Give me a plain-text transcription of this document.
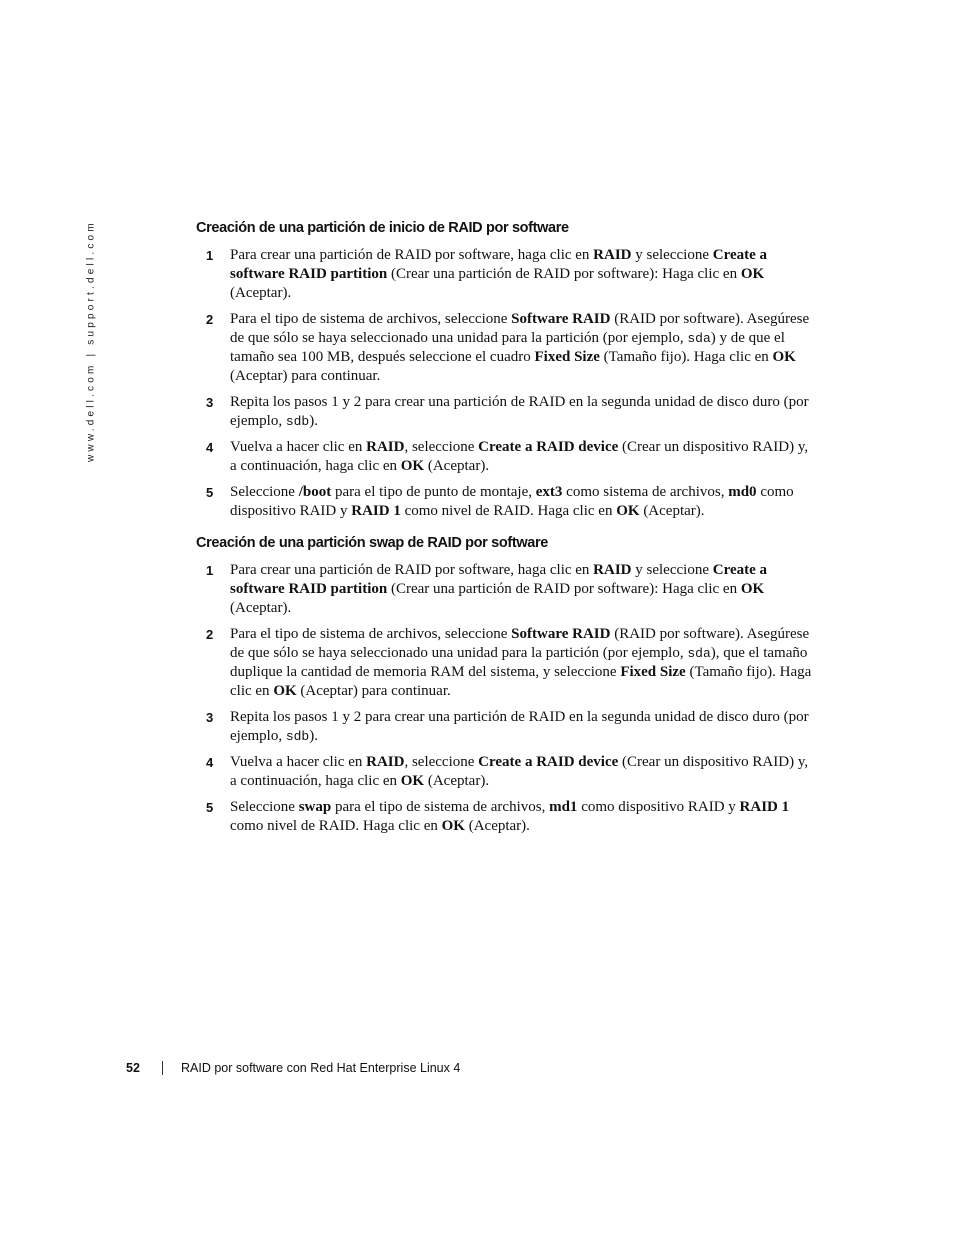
www.dell.com | support.dell.com	Creación de una partición de inicio de RAID por software
1 Para crear una partición de RAID por software, haga clic en RAID y seleccione Create a software RAID partition (Crear una partición de RAID por software): Haga clic en OK (Aceptar).
2 Para el tipo de sistema de archivos, seleccione Software RAID (RAID por software). Asegúrese de que sólo se haya seleccionado una unidad para la partición (por ejemplo, sda) y de que el tamaño sea 100 MB, después seleccione el cuadro Fixed Size (Tamaño fijo). Haga clic en OK (Aceptar) para continuar.
3 Repita los pasos 1 y 2 para crear una partición de RAID en la segunda unidad de disco duro (por ejemplo, sdb).
4 Vuelva a hacer clic en RAID, seleccione Create a RAID device (Crear un dispositivo RAID) y, a continuación, haga clic en OK (Aceptar).
5 Seleccione /boot para el tipo de punto de montaje, ext3 como sistema de archivos, md0 como dispositivo RAID y RAID 1 como nivel de RAID. Haga clic en OK (Aceptar).
Creación de una partición swap de RAID por software
1 Para crear una partición de RAID por software, haga clic en RAID y seleccione Create a software RAID partition (Crear una partición de RAID por software): Haga clic en OK (Aceptar).
2 Para el tipo de sistema de archivos, seleccione Software RAID (RAID por software). Asegúrese de que sólo se haya seleccionado una unidad para la partición (por ejemplo, sda), que el tamaño duplique la cantidad de memoria RAM del sistema, y seleccione Fixed Size (Tamaño fijo). Haga clic en OK (Aceptar) para continuar.
3 Repita los pasos 1 y 2 para crear una partición de RAID en la segunda unidad de disco duro (por ejemplo, sdb).
4 Vuelva a hacer clic en RAID, seleccione Create a RAID device (Crear un dispositivo RAID) y, a continuación, haga clic en OK (Aceptar).
5 Seleccione swap para el tipo de sistema de archivos, md1 como dispositivo RAID y RAID 1 como nivel de RAID. Haga clic en OK (Aceptar).
52	RAID por software con Red Hat Enterprise Linux 4
